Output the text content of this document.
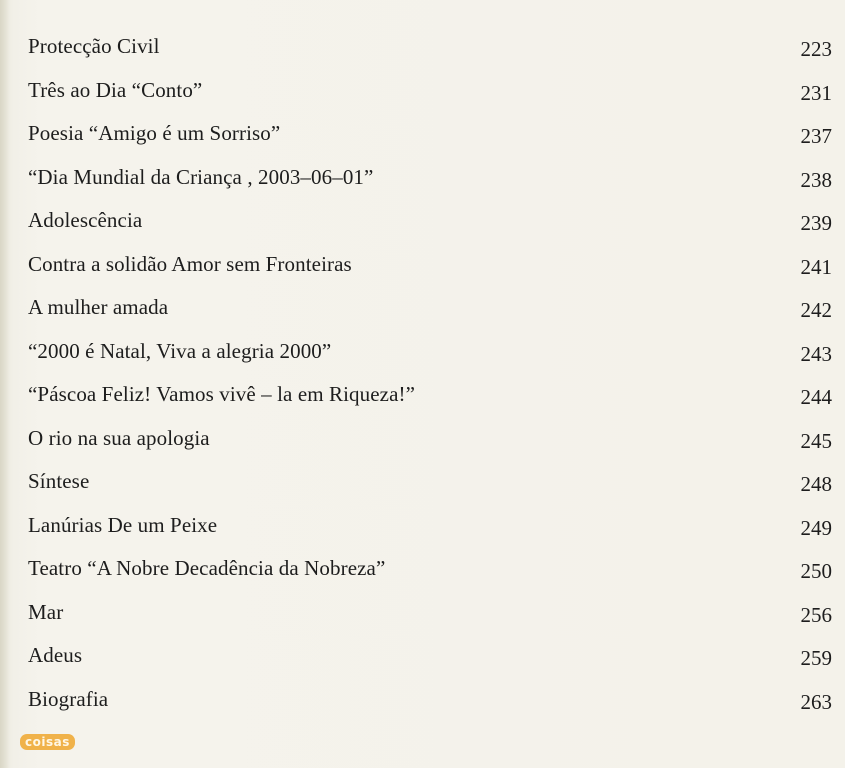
Protecção Civil	223
Três ao Dia “Conto”	231
Poesia “Amigo é um Sorriso”	237
“Dia Mundial da Criança , 2003–06–01”	238
Adolescência	239
Contra a solidão Amor sem Fronteiras	241
A mulher amada	242
“2000 é Natal, Viva a alegria 2000”	243
“Páscoa Feliz! Vamos vivê – la em Riqueza!”	244
O rio na sua apologia	245
Síntese	248
Lanúrias De um Peixe	249
Teatro “A Nobre Decadência da Nobreza”	250
Mar	256
Adeus	259
Biografia	263
coisas
